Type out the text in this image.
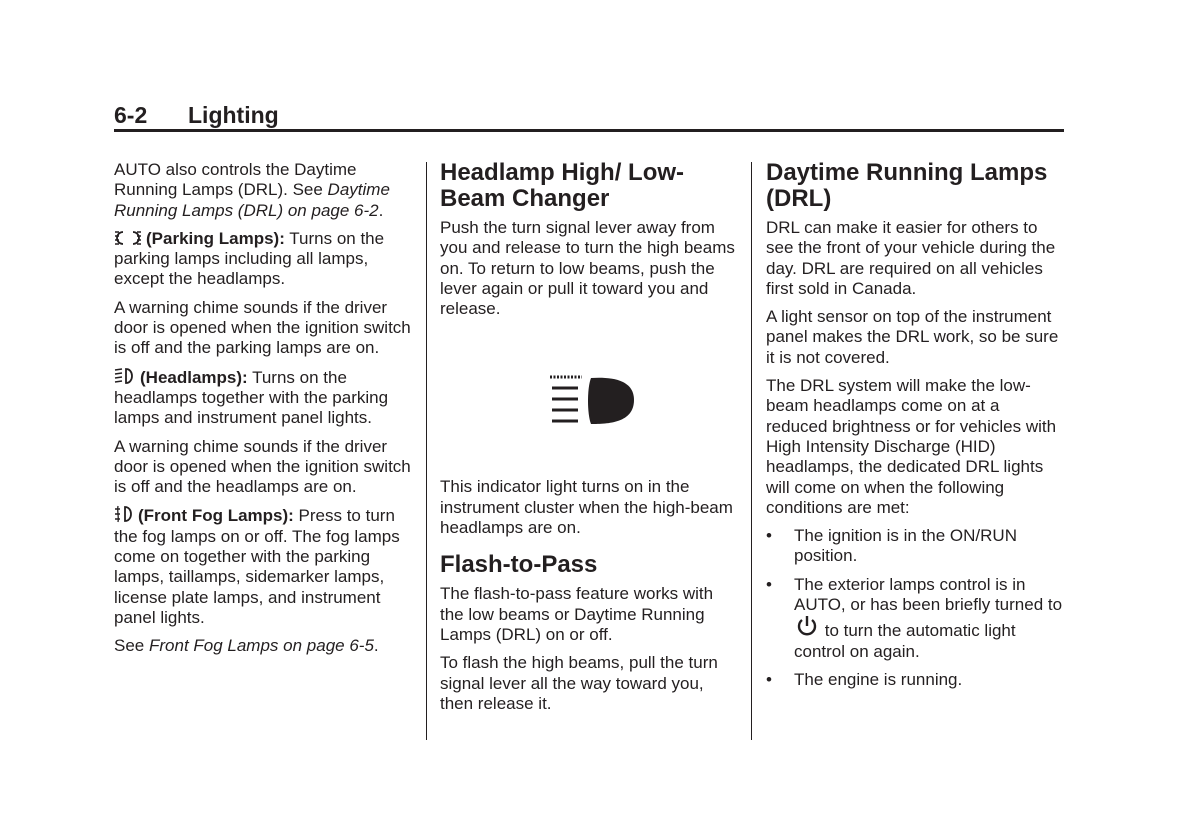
6-2 Lighting

AUTO also controls the Daytime Running Lamps (DRL). See Daytime Running Lamps (DRL) on page 6-2.

(Parking Lamps): Turns on the parking lamps including all lamps, except the headlamps.

A warning chime sounds if the driver door is opened when the ignition switch is off and the parking lamps are on.

(Headlamps): Turns on the headlamps together with the parking lamps and instrument panel lights.

A warning chime sounds if the driver door is opened when the ignition switch is off and the headlamps are on.

(Front Fog Lamps): Press to turn the fog lamps on or off. The fog lamps come on together with the parking lamps, taillamps, sidemarker lamps, license plate lamps, and instrument panel lights.

See Front Fog Lamps on page 6-5.

Headlamp High/ Low-Beam Changer

Push the turn signal lever away from you and release to turn the high beams on. To return to low beams, push the lever again or pull it toward you and release.

This indicator light turns on in the instrument cluster when the high-beam headlamps are on.

Flash-to-Pass

The flash-to-pass feature works with the low beams or Daytime Running Lamps (DRL) on or off.

To flash the high beams, pull the turn signal lever all the way toward you, then release it.

Daytime Running Lamps (DRL)

DRL can make it easier for others to see the front of your vehicle during the day. DRL are required on all vehicles first sold in Canada.

A light sensor on top of the instrument panel makes the DRL work, so be sure it is not covered.

The DRL system will make the low-beam headlamps come on at a reduced brightness or for vehicles with High Intensity Discharge (HID) headlamps, the dedicated DRL lights will come on when the following conditions are met:

• The ignition is in the ON/RUN position.
• The exterior lamps control is in AUTO, or has been briefly turned to  to turn the automatic light control on again.
• The engine is running.
